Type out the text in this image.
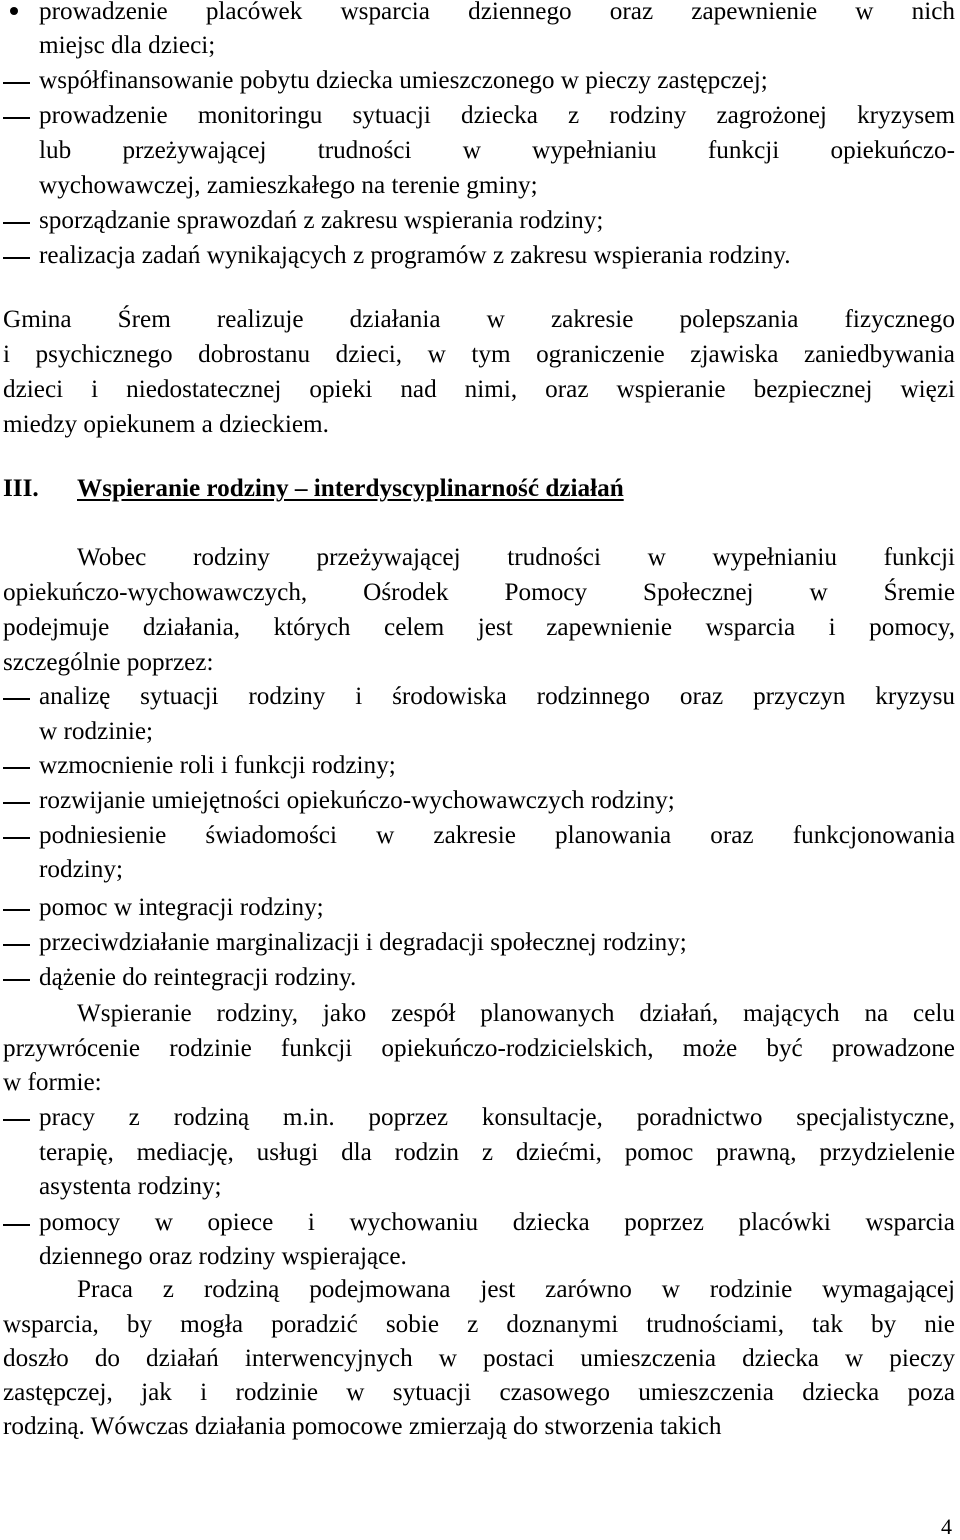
prowadzenie placówek wsparcia dziennego oraz zapewnienie w nich
miejsc dla dzieci;
współfinansowanie pobytu dziecka umieszczonego w pieczy zastępczej;
prowadzenie monitoringu sytuacji dziecka z rodziny zagrożonej kryzysem
lub przeżywającej trudności w wypełnianiu funkcji opiekuńczo-
wychowawczej, zamieszkałego na terenie gminy;
sporządzanie sprawozdań z zakresu wspierania rodziny;
realizacja zadań wynikających z programów z zakresu wspierania rodziny.
Gmina Śrem realizuje działania w zakresie polepszania fizycznego
i psychicznego dobrostanu dzieci, w tym ograniczenie zjawiska zaniedbywania
dzieci i niedostatecznej opieki nad nimi, oraz wspieranie bezpiecznej więzi
miedzy opiekunem a dzieckiem.
III. Wspieranie rodziny – interdyscyplinarność działań
Wobec rodziny przeżywającej trudności w wypełnianiu funkcji
opiekuńczo-wychowawczych, Ośrodek Pomocy Społecznej w Śremie
podejmuje działania, których celem jest zapewnienie wsparcia i pomocy,
szczególnie poprzez:
analizę sytuacji rodziny i środowiska rodzinnego oraz przyczyn kryzysu
w rodzinie;
wzmocnienie roli i funkcji rodziny;
rozwijanie umiejętności opiekuńczo-wychowawczych rodziny;
podniesienie świadomości w zakresie planowania oraz funkcjonowania
rodziny;
pomoc w integracji rodziny;
przeciwdziałanie marginalizacji i degradacji społecznej rodziny;
dążenie do reintegracji rodziny.
Wspieranie rodziny, jako zespół planowanych działań, mających na celu
przywrócenie rodzinie funkcji opiekuńczo-rodzicielskich, może być prowadzone
w formie:
pracy z rodziną m.in. poprzez konsultacje, poradnictwo specjalistyczne,
terapię, mediację, usługi dla rodzin z dziećmi, pomoc prawną, przydzielenie
asystenta rodziny;
pomocy w opiece i wychowaniu dziecka poprzez placówki wsparcia
dziennego oraz rodziny wspierające.
Praca z rodziną podejmowana jest zarówno w rodzinie wymagającej
wsparcia, by mogła poradzić sobie z doznanymi trudnościami, tak by nie
doszło do działań interwencyjnych w postaci umieszczenia dziecka w pieczy
zastępczej, jak i rodzinie w sytuacji czasowego umieszczenia dziecka poza
rodziną. Wówczas działania pomocowe zmierzają do stworzenia takich
4
